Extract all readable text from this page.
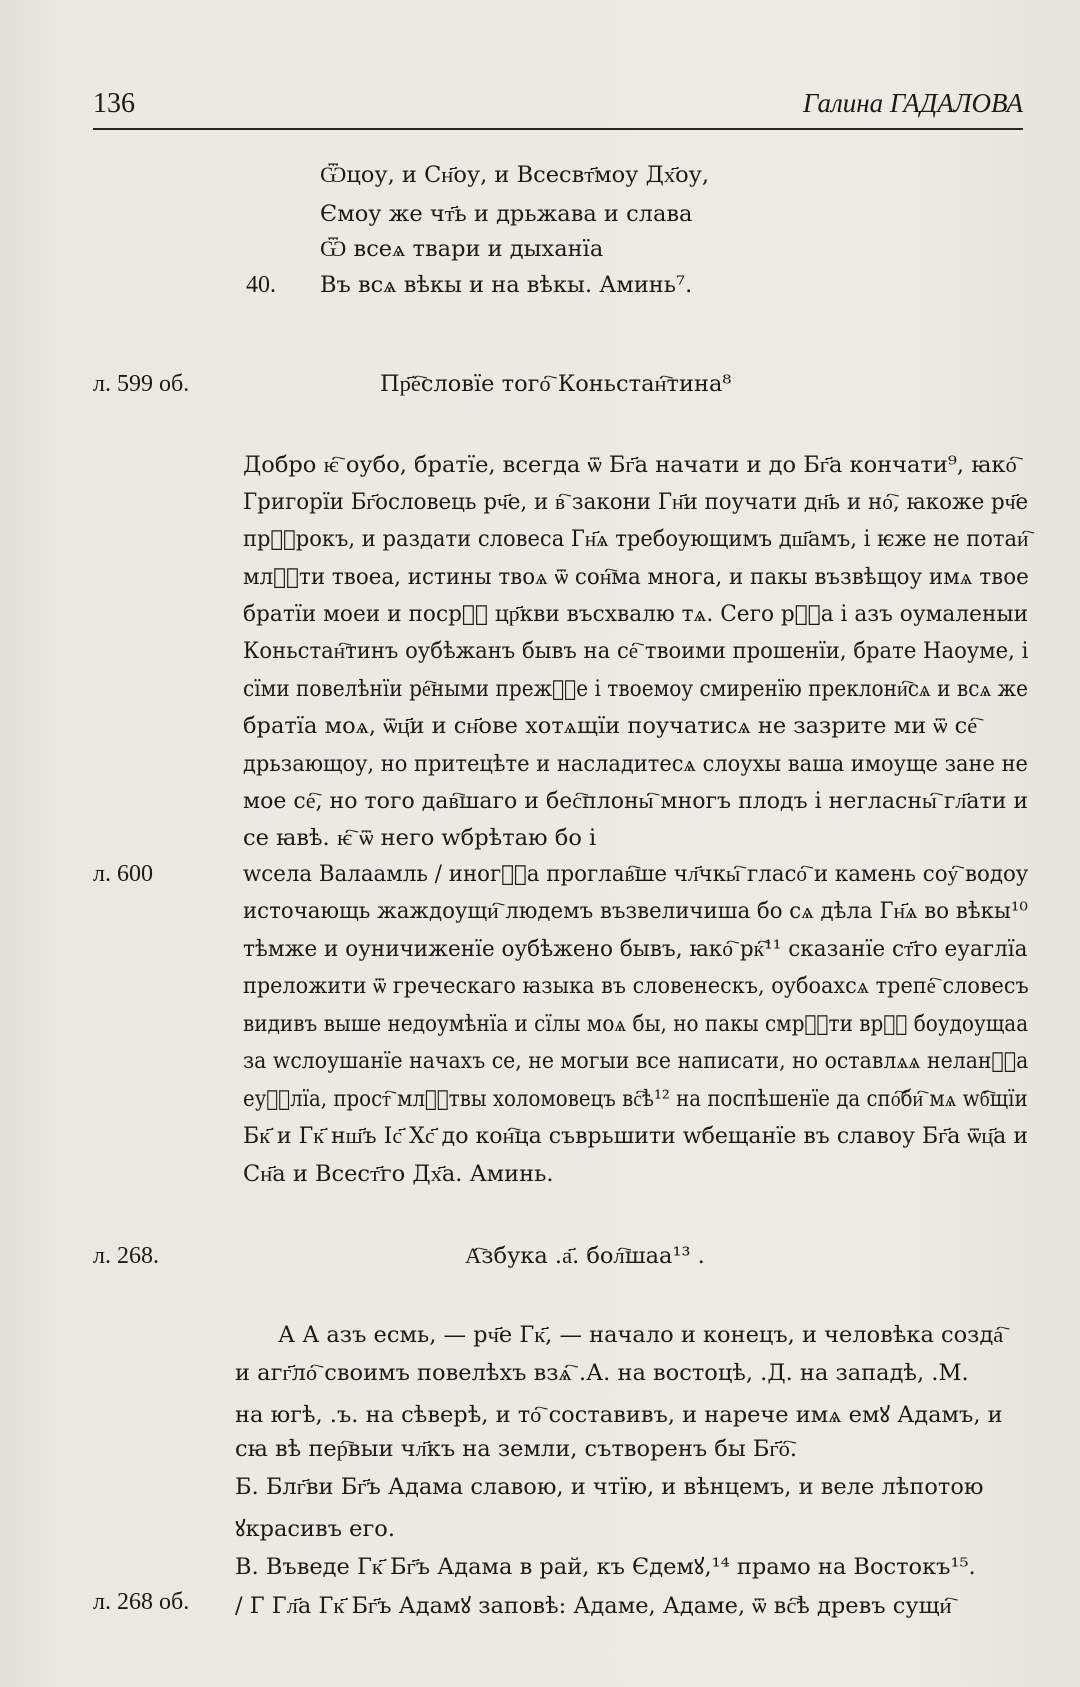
136	Галина ГАДАЛОВА
Ѿцоу, и Сн҃оу, и Всесвт҃моу Дх҃оу,
Ємоу же чт҃ь и дрьжава и слава
Ѿ всеѧ твари и дыханїа
40. Въ всѧ вѣкы и на вѣкы. Аминь⁷.
л. 599 об.	Пр҃е҇словїе того҇ Коньстан҇тина⁸
Добро ѥ҇ оубо, братїе, всегда ѿ Бг҃а начати и до Бг҃а кончати⁹, ꙗко҇
Григорїи Бг҃ословець рч҃е, и в҇ закони Гн҃и поучати дн҃ь и но҇, ꙗкоже рч҃е
прⷪ҇рокъ, и раздати словеса Гн҃ѧ требоующимъ дш҃амъ, і ѥже не потаи҇
млⷭ҇ти твоеа, истины твоѧ ѿ сон҇ма многа, и пакы възвѣщоу имѧ твое
братїи моеи и посрⷣ҇ цр҃кви въсхвалю тѧ. Сего рⷣ҇а і азъ оумаленыи
Коньстан҇тинъ оубѣжанъ бывъ на се҇ твоими прошенїи, брате Наоуме, і
сїми повелѣнїи ре҇ными прежⷣ҇е і твоемоу смиренїю преклони҇сѧ и всѧ же
братїа моѧ, ѿц҃и и сн҃ове хотѧщїи поучатисѧ не зазрите ми ѿ се҇
дрьзающоу, но притецѣте и насладитесѧ слоухы ваша имоуще зане не
мое се҇, но того дав҇шаго и бес҇плоны҇ многъ плодъ і неглаcны҇ гл҃ати и
се ꙗвѣ. ѥ҇ ѿ него wбрѣтаю бо і
л. 600	wсела Валаамль / иногⷣ҇а проглав҇ше чл҃чкы҇ гласо҇ и камень соу҇ водоу
источающь жаждоущи҇ людемъ възвеличиша бо сѧ дѣла Гн҃ѧ во вѣкы¹⁰
тѣмже и оуничиженїе оубѣжено бывъ, ꙗко҇ рк҇¹¹ сказанїе ст҃го еуаглїа
преложити ѿ греческаго ꙗзыка въ словенескъ, оубоахсѧ трепе҇ словесъ
видивъ выше недоумѣнїа и сїлы моѧ бы, но пакы смрⷮ҇ти врⷶ҇ боудоущаа
за wслоушанїе начахъ се, не могыи все написати, но оставлѧѧ неланⷣ҇а
еуⷢ҇лїа, прост҇ млⷭ҇твы холомовецъ вс҇ѣ¹² на поспѣшенїе да спо҇би҇ мѧ wб҇щїи
Бк҃ и Гк҃ нш҃ъ Іс҃ Хс҃ до кон҇ца съврьшити wбещанїе въ славоу Бг҃а ѿц҃а и
Сн҃а и Всест҃го Дх҃а. Аминь.
л. 268.	А҇збука .а҃. бол҇шаа¹³ .
А А азъ есмь, — рч҃е Гк҃, — начало и конецъ, и человѣка созда҇
и агг҃ло҇ своимъ повелѣхъ взѧ҇ .А. на востоцѣ, .Д. на западѣ, .М.
на югѣ, .ъ. на сѣверѣ, и то҇ составивъ, и нарече имѧ емꙋ Адамъ, и
сꙗ вѣ пер҇выи чл҃къ на земли, сътворенъ бы Бг҃о҇.
Б. Блг҃ви Бг҃ъ Адама славою, и чтїю, и вѣнцемъ, и веле лѣпотою
ꙋкрасивъ его.
В. Въведе Гк҃ Бг҃ъ Адама в рай, къ Єдемꙋ,¹⁴ прамо на Востокъ¹⁵.
л. 268 об. / Г Гл҃а Гк҃ Бг҃ъ Адамꙋ заповѣ: Адаме, Адаме, ѿ вс҇ѣ древъ сущи҇
